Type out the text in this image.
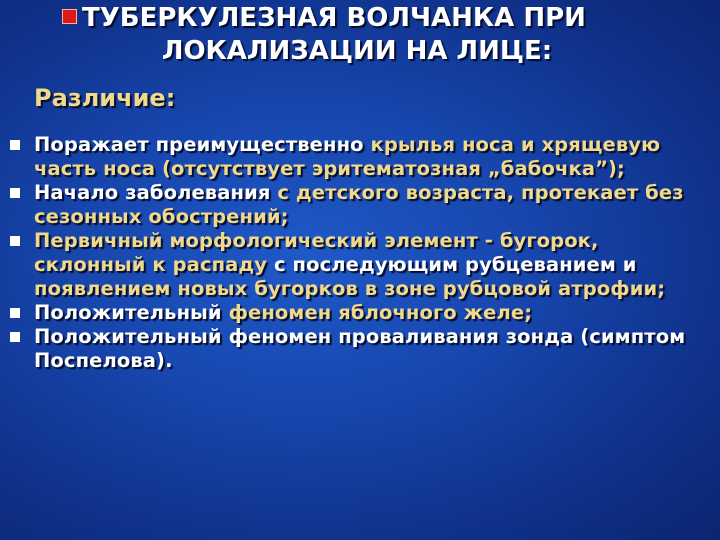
ТУБЕРКУЛЕЗНАЯ ВОЛЧАНКА ПРИ
ЛОКАЛИЗАЦИИ НА ЛИЦЕ:
Различие:
Поражает преимущественно крылья носа и хрящевую часть носа (отсутствует эритематозная „бабочка”);
Начало заболевания с детского возраста, протекает без сезонных обострений;
Первичный морфологический элемент - бугорок, склонный к распаду с последующим рубцеванием и появлением новых бугорков в зоне рубцовой атрофии;
Положительный феномен яблочного желе;
Положительный феномен проваливания зонда (симптом Поспелова).
